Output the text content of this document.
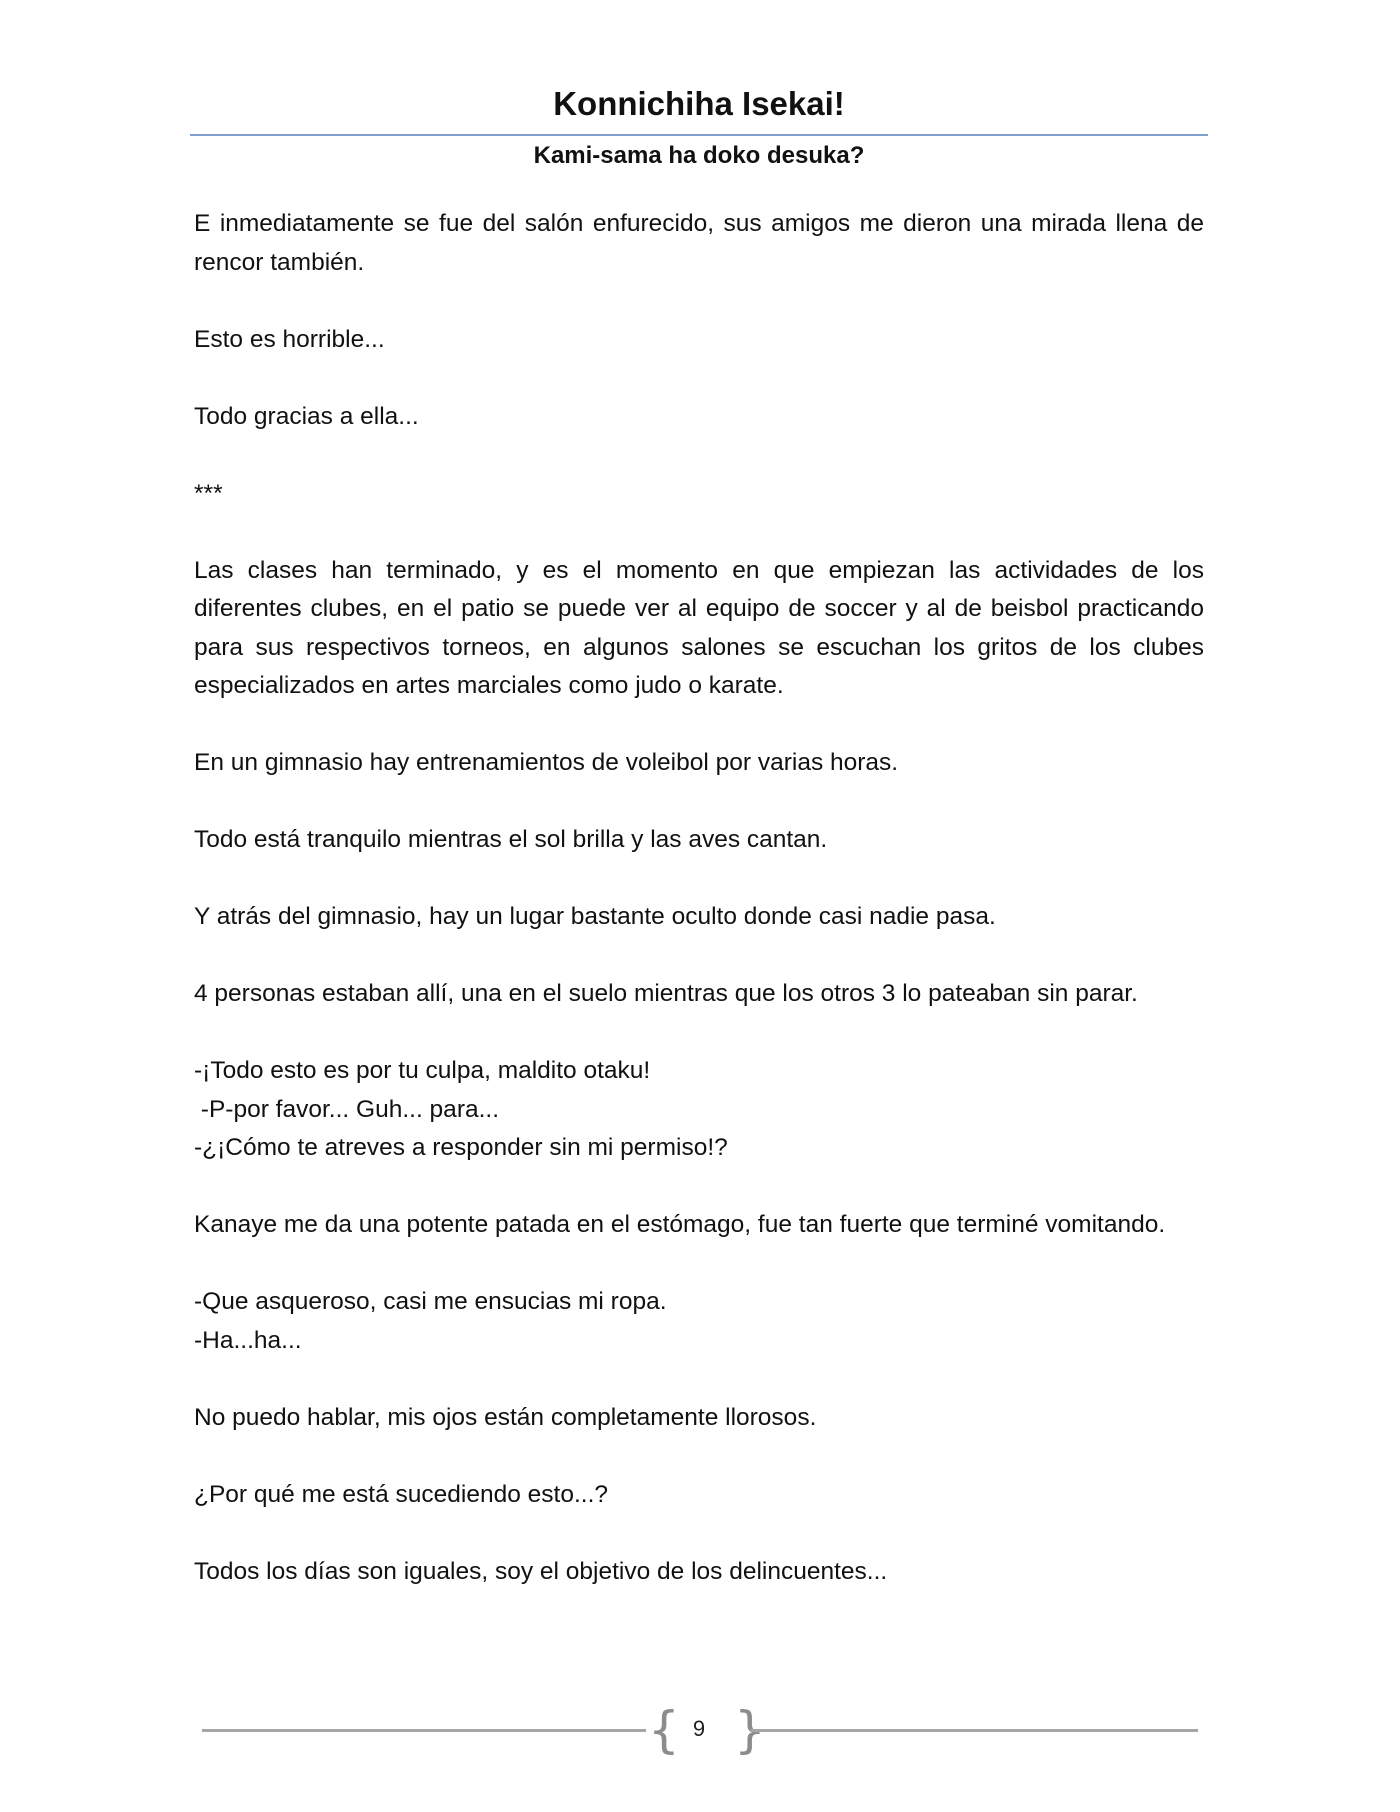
Konnichiha Isekai!
Kami-sama ha doko desuka?

E inmediatamente se fue del salón enfurecido, sus amigos me dieron una mirada llena de rencor también.

Esto es horrible...

Todo gracias a ella...

***

Las clases han terminado, y es el momento en que empiezan las actividades de los diferentes clubes, en el patio se puede ver al equipo de soccer y al de beisbol practicando para sus respectivos torneos, en algunos salones se escuchan los gritos de los clubes especializados en artes marciales como judo o karate.

En un gimnasio hay entrenamientos de voleibol por varias horas.

Todo está tranquilo mientras el sol brilla y las aves cantan.

Y atrás del gimnasio, hay un lugar bastante oculto donde casi nadie pasa.

4 personas estaban allí, una en el suelo mientras que los otros 3 lo pateaban sin parar.

-¡Todo esto es por tu culpa, maldito otaku!
-P-por favor... Guh... para...
-¿¡Cómo te atreves a responder sin mi permiso!?

Kanaye me da una potente patada en el estómago, fue tan fuerte que terminé vomitando.

-Que asqueroso, casi me ensucias mi ropa.
-Ha...ha...

No puedo hablar, mis ojos están completamente llorosos.

¿Por qué me está sucediendo esto...?

Todos los días son iguales, soy el objetivo de los delincuentes...

{ 9 }
